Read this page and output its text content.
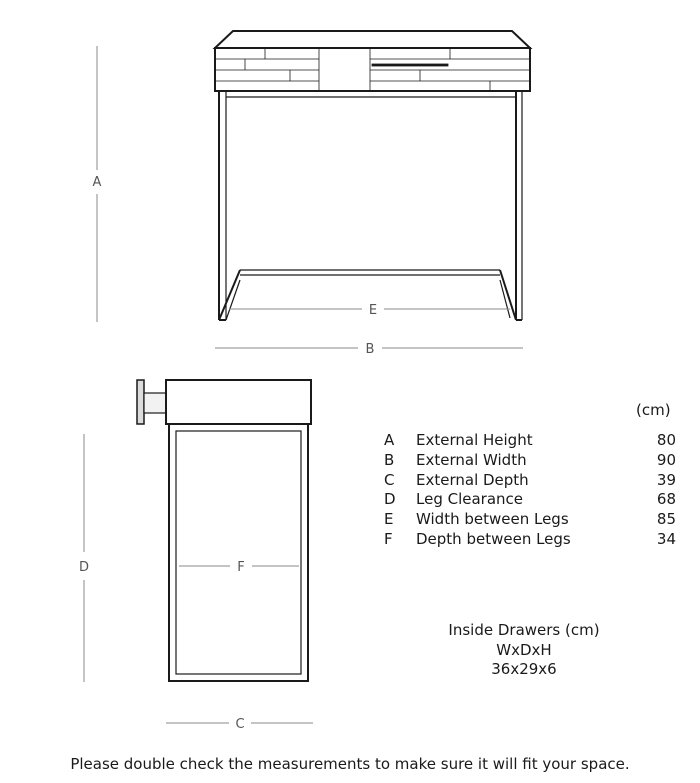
A
E
B
F
D
C
(cm)
A	External Height	80
B	External Width	90
C	External Depth	39
D	Leg Clearance	68
E	Width between Legs	85
F	Depth between Legs	34
Inside Drawers (cm)
WxDxH
36x29x6
Please double check the measurements to make sure it will fit your space.
